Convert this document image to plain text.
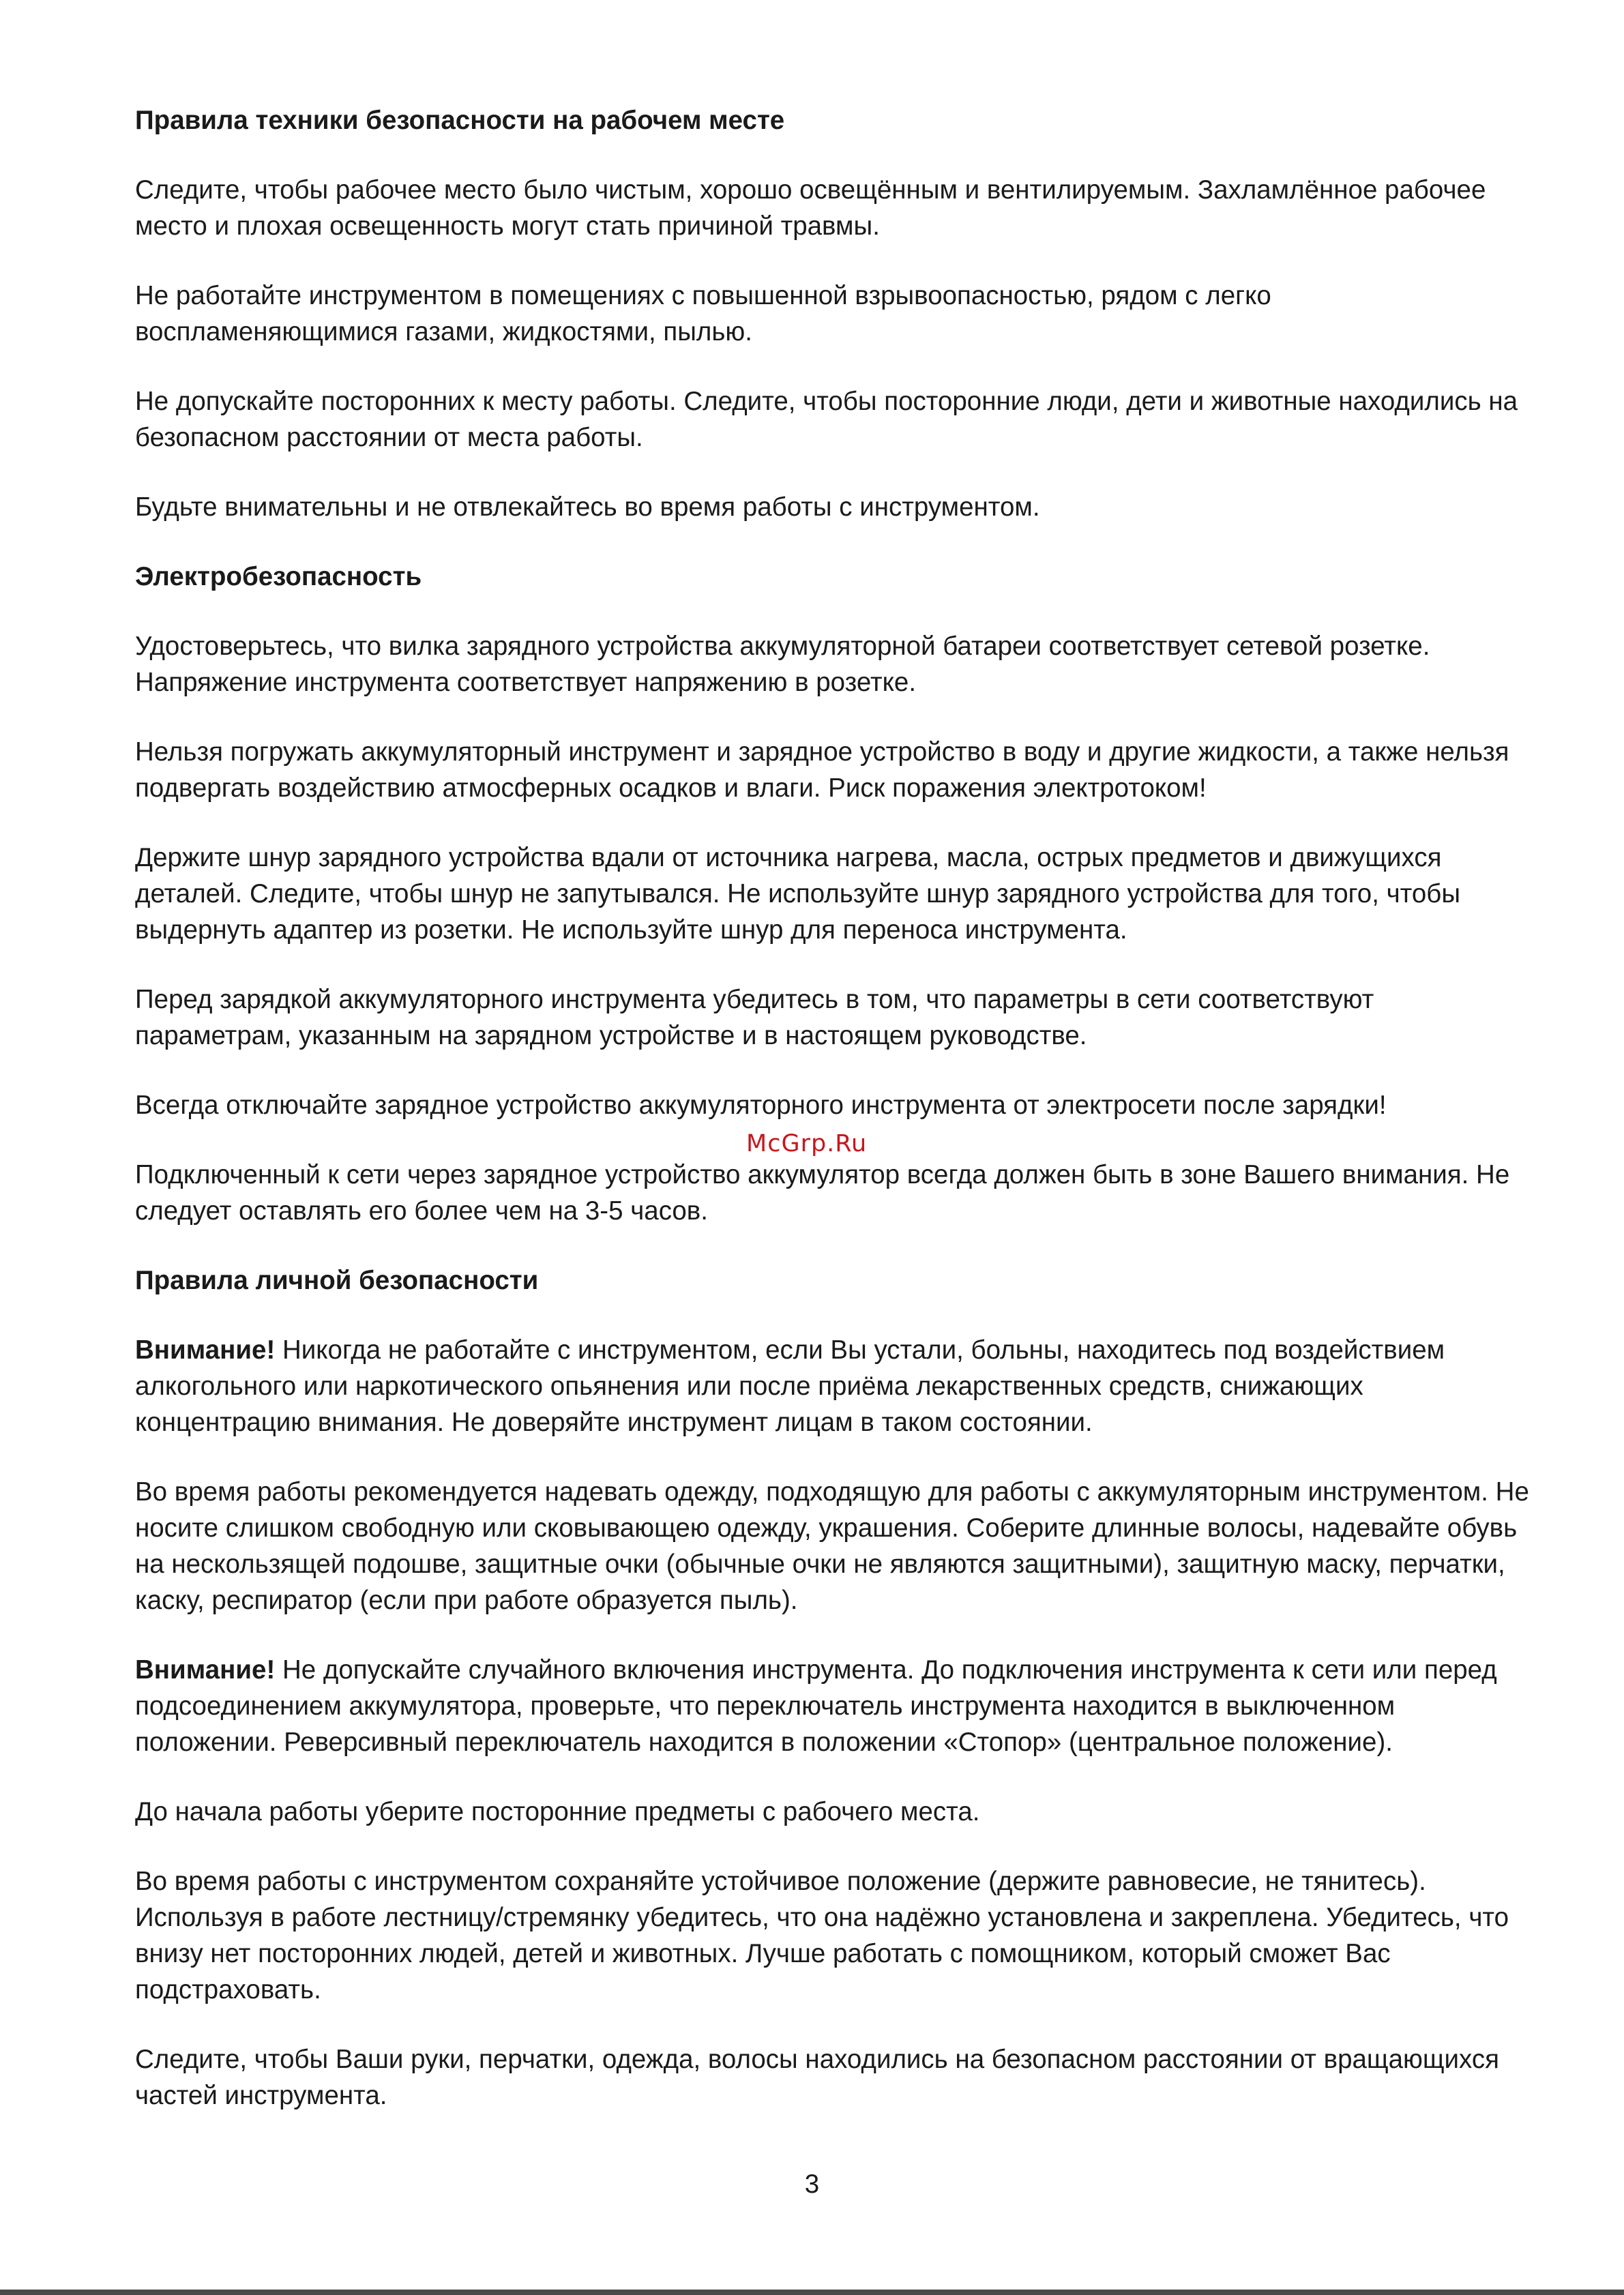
Правила техники безопасности на рабочем месте

Следите, чтобы рабочее место было чистым, хорошо освещённым и вентилируемым. Захламлённое рабочее место и плохая освещенность могут стать причиной травмы.

Не работайте инструментом в помещениях с повышенной взрывоопасностью, рядом с легко воспламеняющимися газами, жидкостями, пылью.

Не допускайте посторонних к месту работы. Следите, чтобы посторонние люди, дети и животные находились на безопасном расстоянии от места работы.

Будьте внимательны и не отвлекайтесь во время работы с инструментом.

Электробезопасность

Удостоверьтесь, что вилка зарядного устройства аккумуляторной батареи соответствует сетевой розетке. Напряжение инструмента соответствует напряжению в розетке.

Нельзя погружать аккумуляторный инструмент и зарядное устройство в воду и другие жидкости, а также нельзя подвергать воздействию атмосферных осадков и влаги. Риск поражения электротоком!

Держите шнур зарядного устройства вдали от источника нагрева, масла, острых предметов и движущихся деталей. Следите, чтобы шнур не запутывался. Не используйте шнур зарядного устройства для того, чтобы выдернуть адаптер из розетки. Не используйте шнур для переноса инструмента.

Перед зарядкой аккумуляторного инструмента убедитесь в том, что параметры в сети соответствуют параметрам, указанным на зарядном устройстве и в настоящем руководстве.

Всегда отключайте зарядное устройство аккумуляторного инструмента от электросети после зарядки!

Подключенный к сети через зарядное устройство аккумулятор всегда должен быть в зоне Вашего внимания. Не следует оставлять его более чем на 3-5 часов.

Правила личной безопасности

Внимание! Никогда не работайте с инструментом, если Вы устали, больны, находитесь под воздействием алкогольного или наркотического опьянения или после приёма лекарственных средств, снижающих концентрацию внимания. Не доверяйте инструмент лицам в таком состоянии.

Во время работы рекомендуется надевать одежду, подходящую для работы с аккумуляторным инструментом. Не носите слишком свободную или сковывающею одежду, украшения. Соберите длинные волосы, надевайте обувь на нескользящей подошве, защитные очки (обычные очки не являются защитными), защитную маску, перчатки, каску, респиратор (если при работе образуется пыль).

Внимание! Не допускайте случайного включения инструмента. До подключения инструмента к сети или перед подсоединением аккумулятора, проверьте, что переключатель инструмента находится в выключенном положении. Реверсивный переключатель находится в положении «Стопор» (центральное положение).

До начала работы уберите посторонние предметы с рабочего места.

Во время работы с инструментом сохраняйте устойчивое положение (держите равновесие, не тянитесь). Используя в работе лестницу/стремянку убедитесь, что она надёжно установлена и закреплена. Убедитесь, что внизу нет посторонних людей, детей и животных. Лучше работать с помощником, который сможет Вас подстраховать.

Следите, чтобы Ваши руки, перчатки, одежда, волосы находились на безопасном расстоянии от вращающихся частей инструмента.

McGrp.Ru
3
